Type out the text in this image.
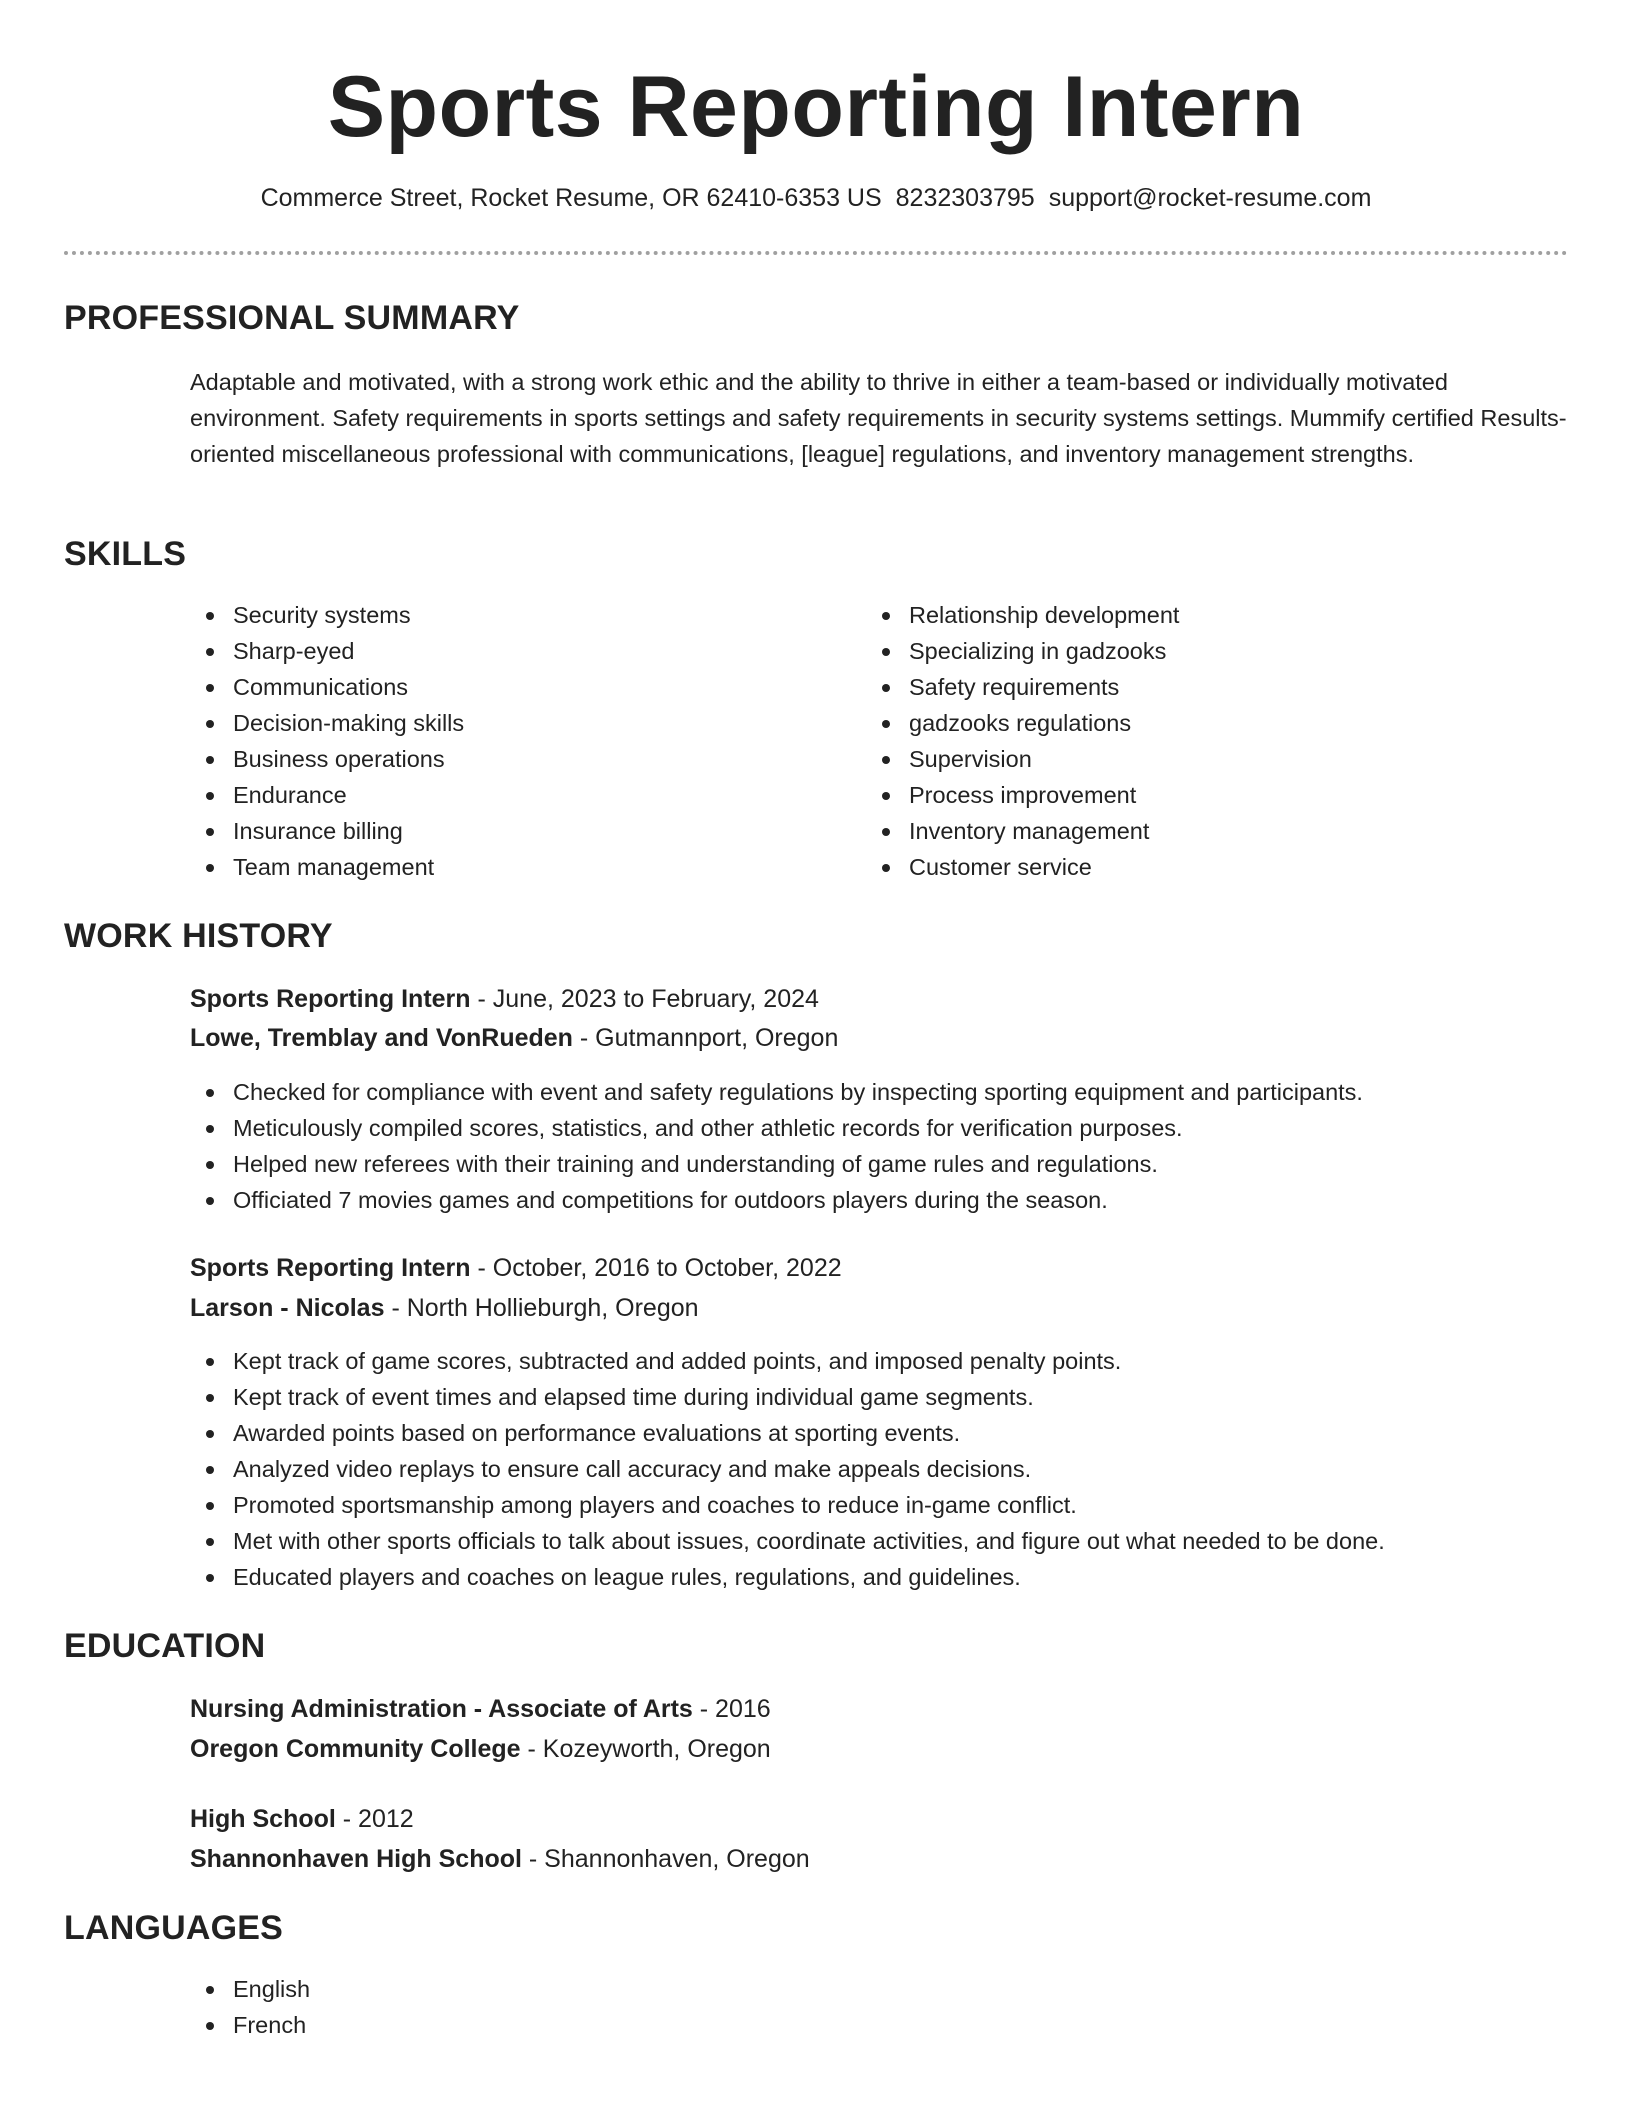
Sports Reporting Intern
Commerce Street, Rocket Resume, OR 62410-6353 US 8232303795 support@rocket-resume.com
PROFESSIONAL SUMMARY
Adaptable and motivated, with a strong work ethic and the ability to thrive in either a team-based or individually motivated environment. Safety requirements in sports settings and safety requirements in security systems settings. Mummify certified Results-oriented miscellaneous professional with communications, [league] regulations, and inventory management strengths.
SKILLS
Security systems
Sharp-eyed
Communications
Decision-making skills
Business operations
Endurance
Insurance billing
Team management
Relationship development
Specializing in gadzooks
Safety requirements
gadzooks regulations
Supervision
Process improvement
Inventory management
Customer service
WORK HISTORY
Sports Reporting Intern - June, 2023 to February, 2024
Lowe, Tremblay and VonRueden - Gutmannport, Oregon
Checked for compliance with event and safety regulations by inspecting sporting equipment and participants.
Meticulously compiled scores, statistics, and other athletic records for verification purposes.
Helped new referees with their training and understanding of game rules and regulations.
Officiated 7 movies games and competitions for outdoors players during the season.
Sports Reporting Intern - October, 2016 to October, 2022
Larson - Nicolas - North Hollieburgh, Oregon
Kept track of game scores, subtracted and added points, and imposed penalty points.
Kept track of event times and elapsed time during individual game segments.
Awarded points based on performance evaluations at sporting events.
Analyzed video replays to ensure call accuracy and make appeals decisions.
Promoted sportsmanship among players and coaches to reduce in-game conflict.
Met with other sports officials to talk about issues, coordinate activities, and figure out what needed to be done.
Educated players and coaches on league rules, regulations, and guidelines.
EDUCATION
Nursing Administration - Associate of Arts - 2016
Oregon Community College - Kozeyworth, Oregon
High School - 2012
Shannonhaven High School - Shannonhaven, Oregon
LANGUAGES
English
French
